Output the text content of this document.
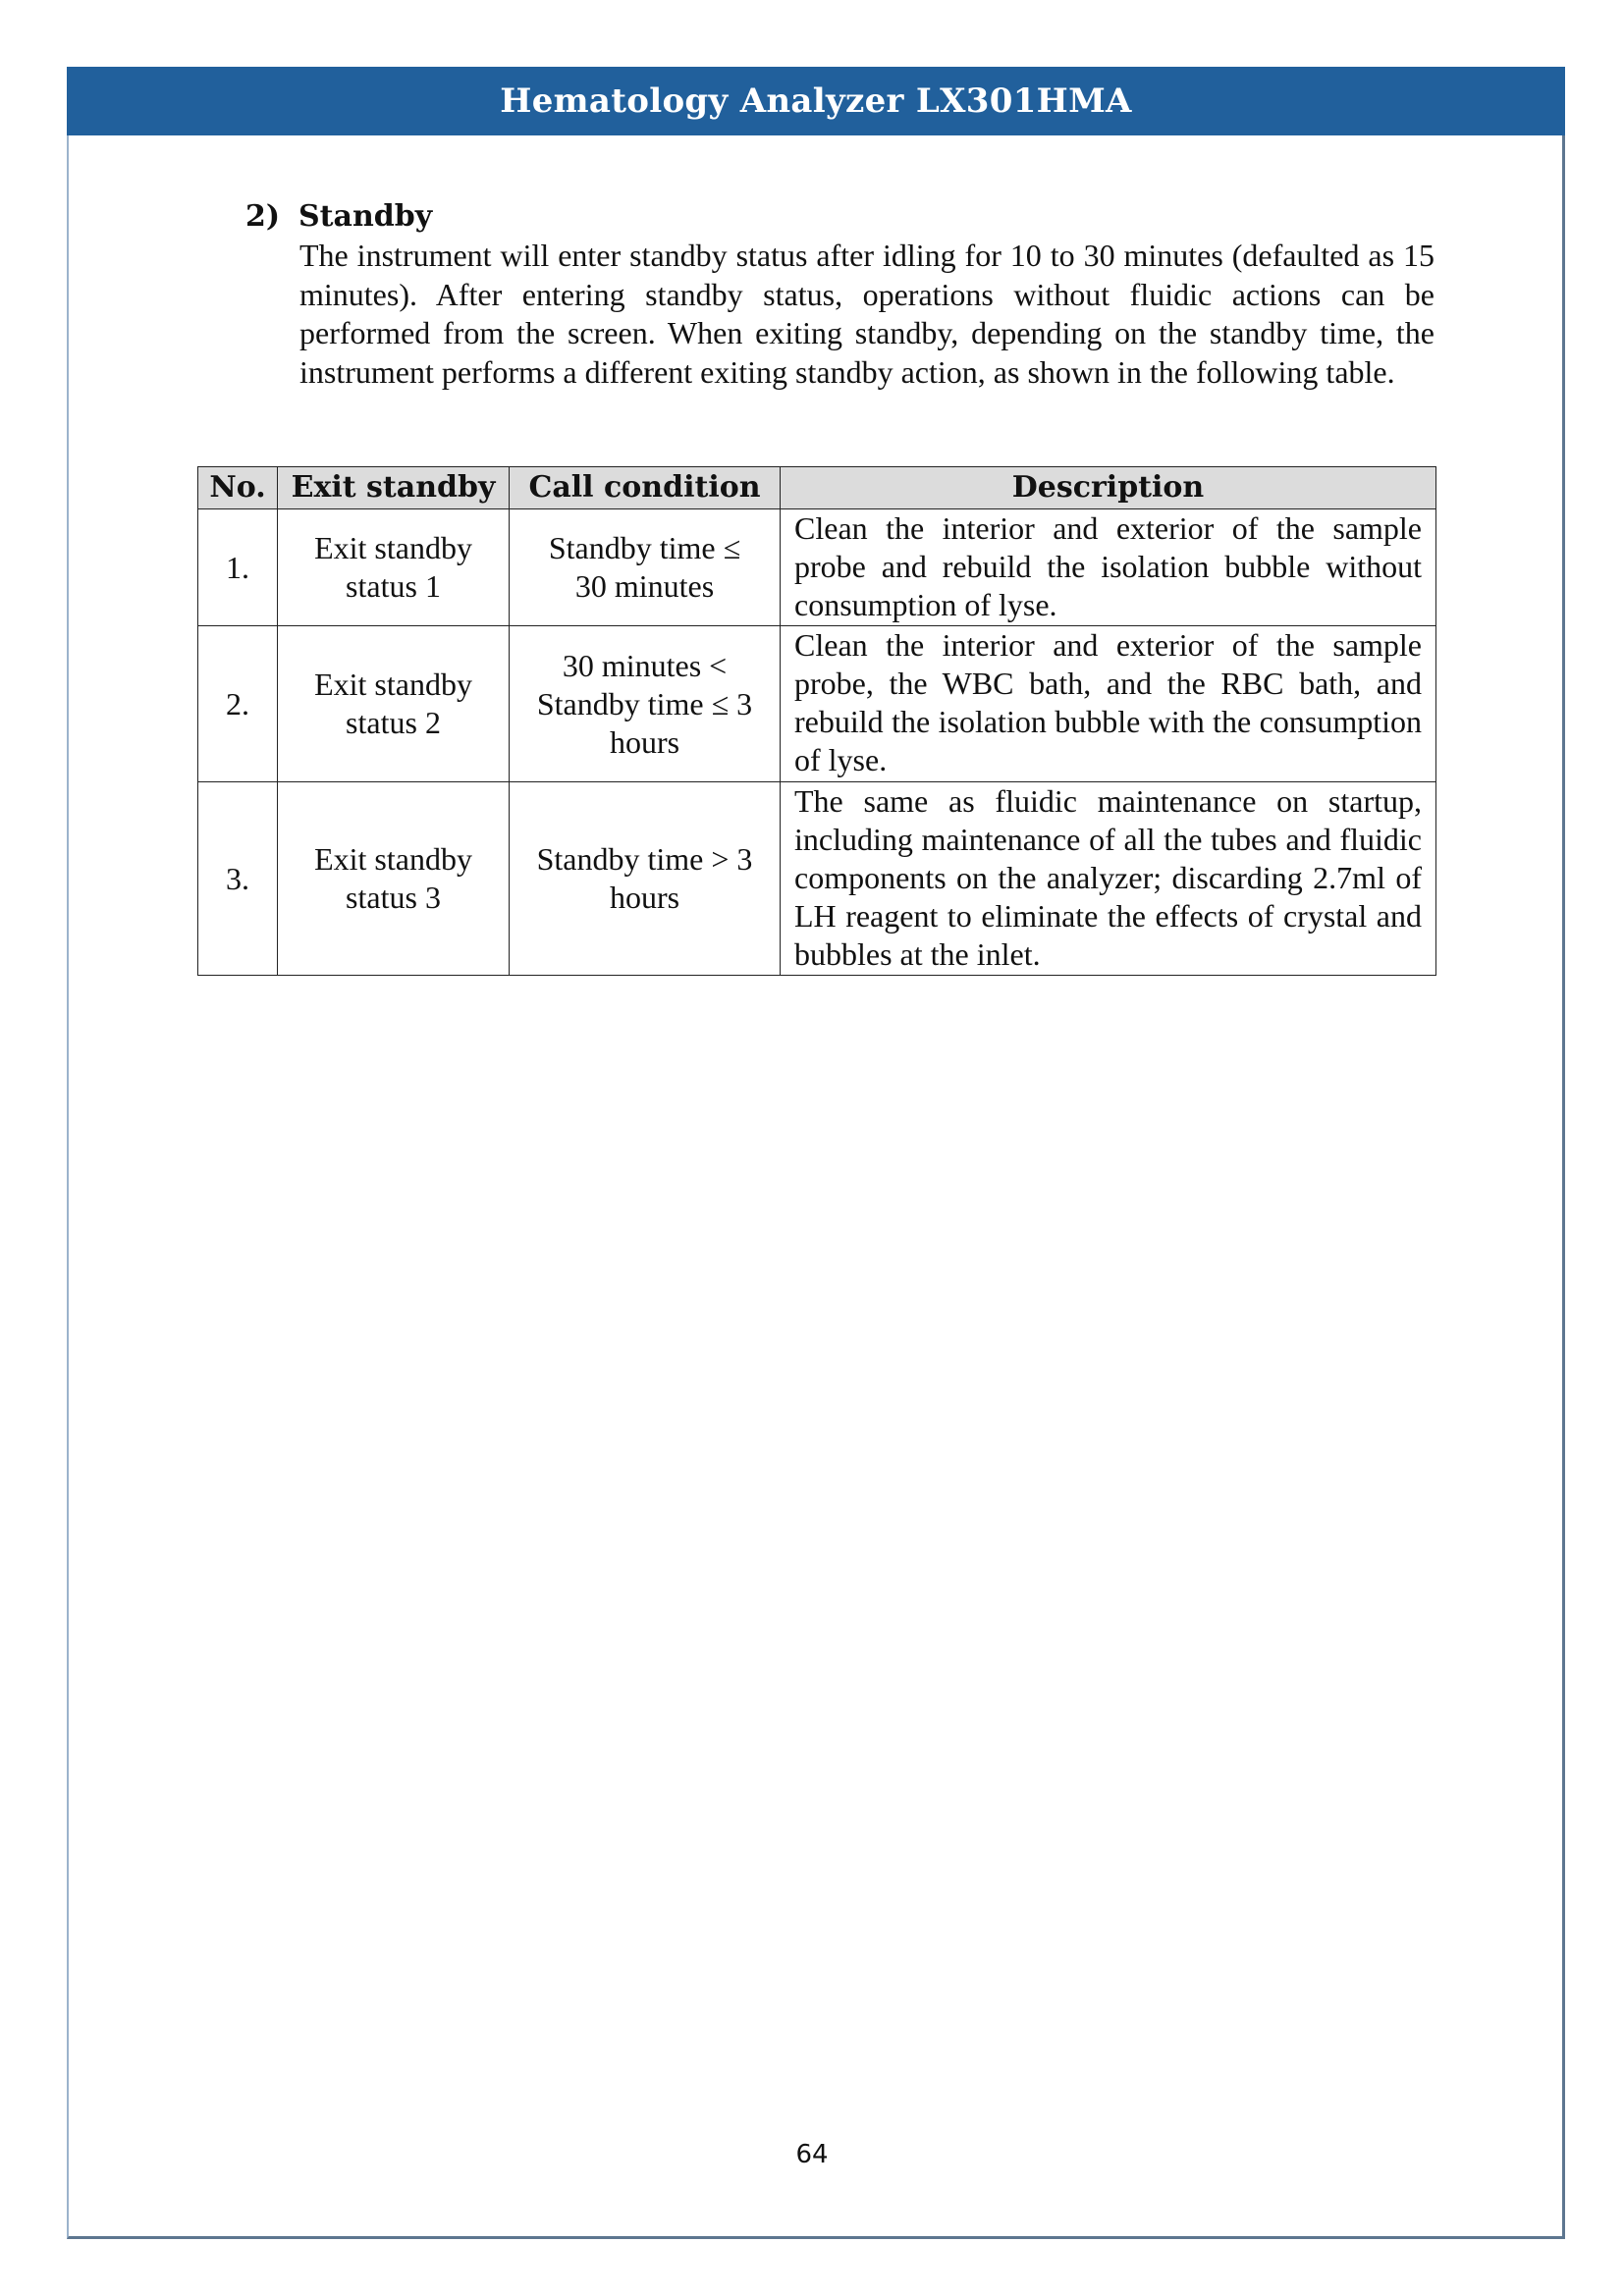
Hematology Analyzer LX301HMA
2) Standby
The instrument will enter standby status after idling for 10 to 30 minutes (defaulted as 15 minutes). After entering standby status, operations without fluidic actions can be performed from the screen. When exiting standby, depending on the standby time, the instrument performs a different exiting standby action, as shown in the following table.
No.	Exit standby	Call condition	Description
1.	Exit standby status 1	Standby time ≤ 30 minutes	Clean the interior and exterior of the sample probe and rebuild the isolation bubble without consumption of lyse.

2.	Exit standby status 2	30 minutes < Standby time ≤ 3 hours	Clean the interior and exterior of the sample probe, the WBC bath, and the RBC bath, and rebuild the isolation bubble with the consumption of lyse.

3.	Exit standby status 3	Standby time > 3 hours	The same as fluidic maintenance on startup, including maintenance of all the tubes and fluidic components on the analyzer; discarding 2.7ml of LH reagent to eliminate the effects of crystal and bubbles at the inlet.
64
